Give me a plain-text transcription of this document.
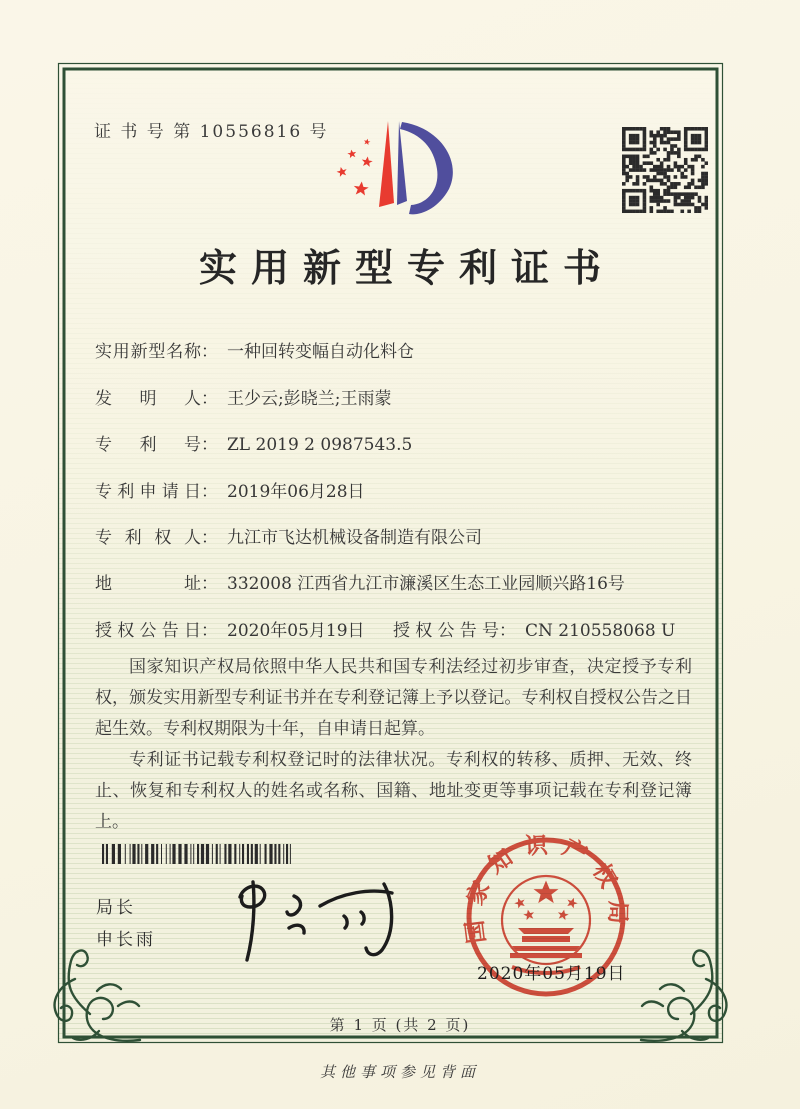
证 书 号 第 10556816 号
实用新型专利证书
实用新型名称： 一种回转变幅自动化料仓
发明人： 王少云;彭晓兰;王雨蒙
专利号： ZL 2019 2 0987543.5
专利申请日： 2019年06月28日
专利权人： 九江市飞达机械设备制造有限公司
地址： 332008 江西省九江市濂溪区生态工业园顺兴路16号
授权公告日： 2020年05月19日 授权公告号： CN 210558068 U

国家知识产权局依照中华人民共和国专利法经过初步审查，决定授予专利权，颁发实用新型专利证书并在专利登记簿上予以登记。专利权自授权公告之日起生效。专利权期限为十年，自申请日起算。

专利证书记载专利权登记时的法律状况。专利权的转移、质押、无效、终止、恢复和专利权人的姓名或名称、国籍、地址变更等事项记载在专利登记簿上。

局长
申长雨	国家知识产权局
2020年05月19日
第 1 页 (共 2 页)
其他事项参见背面
